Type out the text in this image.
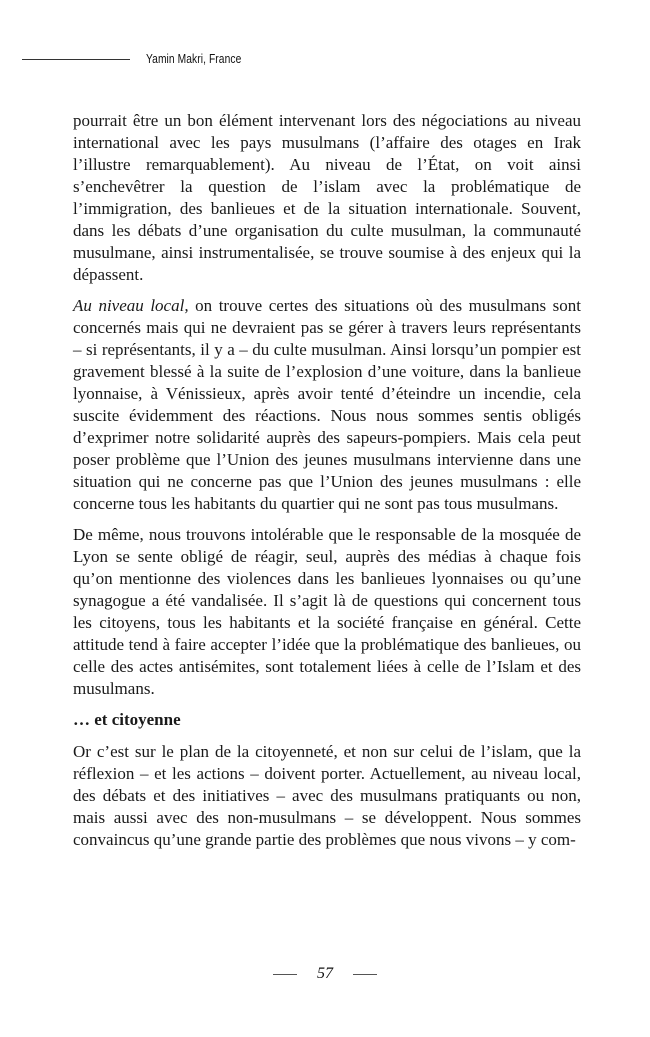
Yamin Makri, France

pourrait être un bon élément intervenant lors des négociations au niveau international avec les pays musulmans (l’affaire des otages en Irak l’illustre remarquablement). Au niveau de l’État, on voit ainsi s’enchevêtrer la question de l’islam avec la problématique de l’immigration, des banlieues et de la situation internationale. Souvent, dans les débats d’une organisation du culte musulman, la communauté musulmane, ainsi instrumentalisée, se trouve soumise à des enjeux qui la dépassent.

Au niveau local, on trouve certes des situations où des musulmans sont concernés mais qui ne devraient pas se gérer à travers leurs représentants – si représentants, il y a – du culte musulman. Ainsi lorsqu’un pompier est gravement blessé à la suite de l’explosion d’une voiture, dans la banlieue lyonnaise, à Vénissieux, après avoir tenté d’éteindre un incendie, cela suscite évidemment des réactions. Nous nous sommes sentis obligés d’exprimer notre solidarité auprès des sapeurs-pompiers. Mais cela peut poser problème que l’Union des jeunes musulmans intervienne dans une situation qui ne concerne pas que l’Union des jeunes musulmans : elle concerne tous les habitants du quartier qui ne sont pas tous musulmans.

De même, nous trouvons intolérable que le responsable de la mosquée de Lyon se sente obligé de réagir, seul, auprès des médias à chaque fois qu’on mentionne des violences dans les banlieues lyonnaises ou qu’une synagogue a été vandalisée. Il s’agit là de questions qui concernent tous les citoyens, tous les habitants et la société française en général. Cette attitude tend à faire accepter l’idée que la problématique des banlieues, ou celle des actes antisémites, sont totalement liées à celle de l’Islam et des musulmans.

… et citoyenne

Or c’est sur le plan de la citoyenneté, et non sur celui de l’islam, que la réflexion – et les actions – doivent porter. Actuellement, au niveau local, des débats et des initiatives – avec des musulmans pratiquants ou non, mais aussi avec des non-musulmans – se développent. Nous sommes convaincus qu’une grande partie des problèmes que nous vivons – y com-

57
